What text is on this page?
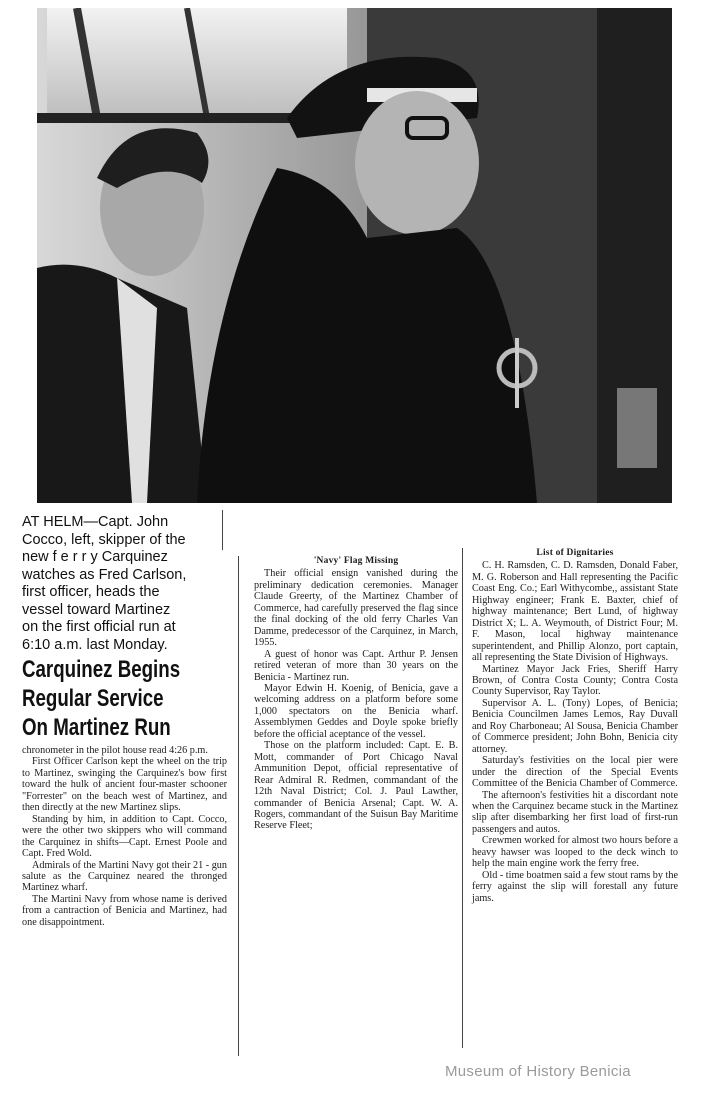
AT HELM—Capt. John
Cocco, left, skipper of the
new f e r r y Carquinez
watches as Fred Carlson,
first officer, heads the
vessel toward Martinez
on the first official run at
6:10 a.m. last Monday.
Carquinez Begins
Regular Service
On Martinez Run

chronometer in the pilot house read 4:26 p.m.

First Officer Carlson kept the wheel on the trip to Martinez, swinging the Carquinez's bow first toward the hulk of ancient four-master schooner "Forrester" on the beach west of Martinez, and then directly at the new Martinez slips.

Standing by him, in addition to Capt. Cocco, were the other two skippers who will command the Carquinez in shifts—Capt. Ernest Poole and Capt. Fred Wold.

Admirals of the Martini Navy got their 21 - gun salute as the Carquinez neared the thronged Martinez wharf.

The Martini Navy from whose name is derived from a cantraction of Benicia and Martinez, had one disappointment.

'Navy' Flag Missing

Their official ensign vanished during the preliminary dedication ceremonies. Manager Claude Greerty, of the Martinez Chamber of Commerce, had carefully preserved the flag since the final docking of the old ferry Charles Van Damme, predecessor of the Carquinez, in March, 1955.

A guest of honor was Capt. Arthur P. Jensen retired veteran of more than 30 years on the Benicia - Martinez run.

Mayor Edwin H. Koenig, of Benicia, gave a welcoming address on a platform before some 1,000 spectators on the Benicia wharf. Assemblymen Geddes and Doyle spoke briefly before the official aceptance of the vessel.

Those on the platform included: Capt. E. B. Mott, commander of Port Chicago Naval Ammunition Depot, official representative of Rear Admiral R. Redmen, commandant of the 12th Naval District; Col. J. Paul Lawther, commander of Benicia Arsenal; Capt. W. A. Rogers, commandant of the Suisun Bay Maritime Reserve Fleet;

List of Dignitaries

C. H. Ramsden, C. D. Ramsden, Donald Faber, M. G. Roberson and Hall representing the Pacific Coast Eng. Co.; Earl Withycombe,, assistant State Highway engineer; Frank E. Baxter, chief of highway maintenance; Bert Lund, of highway District X; L. A. Weymouth, of District Four; M. F. Mason, local highway maintenance superintendent, and Phillip Alonzo, port captain, all representing the State Division of Highways.

Martinez Mayor Jack Fries, Sheriff Harry Brown, of Contra Costa County; Contra Costa County Supervisor, Ray Taylor.

Supervisor A. L. (Tony) Lopes, of Benicia; Benicia Councilmen James Lemos, Ray Duvall and Roy Charboneau; Al Sousa, Benicia Chamber of Commerce president; John Bohn, Benicia city attorney.

Saturday's festivities on the local pier were under the direction of the Special Events Committee of the Benicia Chamber of Commerce.

The afternoon's festivities hit a discordant note when the Carquinez became stuck in the Martinez slip after disembarking her first load of first-run passengers and autos.

Crewmen worked for almost two hours before a heavy hawser was looped to the deck winch to help the main engine work the ferry free.

Old - time boatmen said a few stout rams by the ferry against the slip will forestall any future jams.

Museum of History Benicia
